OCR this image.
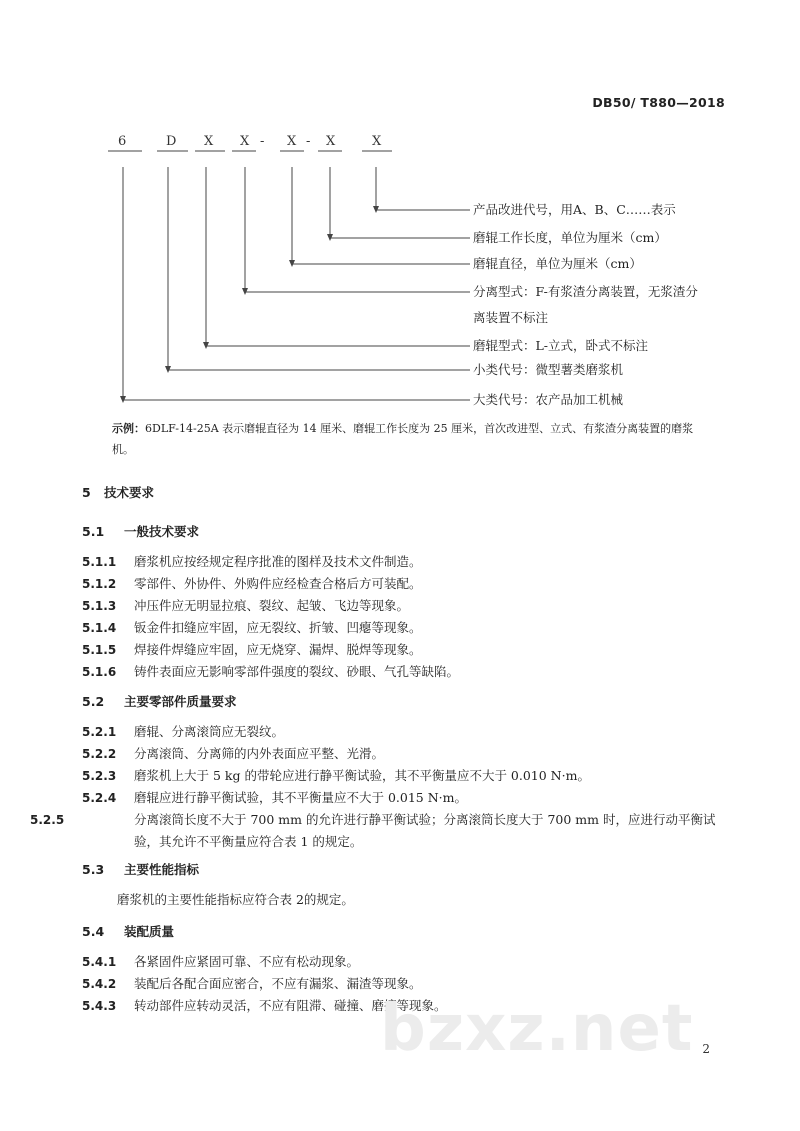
DB50/ T880—2018
6	D X X - X - X	X
产品改进代号，用A、B、C……表示
磨辊工作长度，单位为厘米（cm）
磨辊直径，单位为厘米（cm）
分离型式：F-有浆渣分离装置，无浆渣分
离装置不标注
磨辊型式：L-立式，卧式不标注
小类代号：微型薯类磨浆机
大类代号：农产品加工机械
示例：6DLF-14-25A 表示磨辊直径为 14 厘米、磨辊工作长度为 25 厘米，首次改进型、立式、有浆渣分离装置的磨浆机。
5 技术要求
5.1 一般技术要求
5.1.1 磨浆机应按经规定程序批准的图样及技术文件制造。
5.1.2 零部件、外协件、外购件应经检查合格后方可装配。
5.1.3 冲压件应无明显拉痕、裂纹、起皱、飞边等现象。
5.1.4 钣金件扣缝应牢固，应无裂纹、折皱、凹瘪等现象。
5.1.5 焊接件焊缝应牢固，应无烧穿、漏焊、脱焊等现象。
5.1.6 铸件表面应无影响零部件强度的裂纹、砂眼、气孔等缺陷。
5.2 主要零部件质量要求
5.2.1 磨辊、分离滚筒应无裂纹。
5.2.2 分离滚筒、分离筛的内外表面应平整、光滑。
5.2.3 磨浆机上大于 5 kg 的带轮应进行静平衡试验，其不平衡量应不大于 0.010 N·m。
5.2.4 磨辊应进行静平衡试验，其不平衡量应不大于 0.015 N·m。
5.2.5	分离滚筒长度不大于 700 mm 的允许进行静平衡试验；分离滚筒长度大于 700 mm 时，应进行动平衡试验，其允许不平衡量应符合表 1 的规定。
5.3 主要性能指标
磨浆机的主要性能指标应符合表 2的规定。
5.4 装配质量
5.4.1 各紧固件应紧固可靠、不应有松动现象。
5.4.2 装配后各配合面应密合，不应有漏浆、漏渣等现象。
5.4.3 转动部件应转动灵活，不应有阻滞、碰撞、磨擦等现象。
bzxz.net 2
